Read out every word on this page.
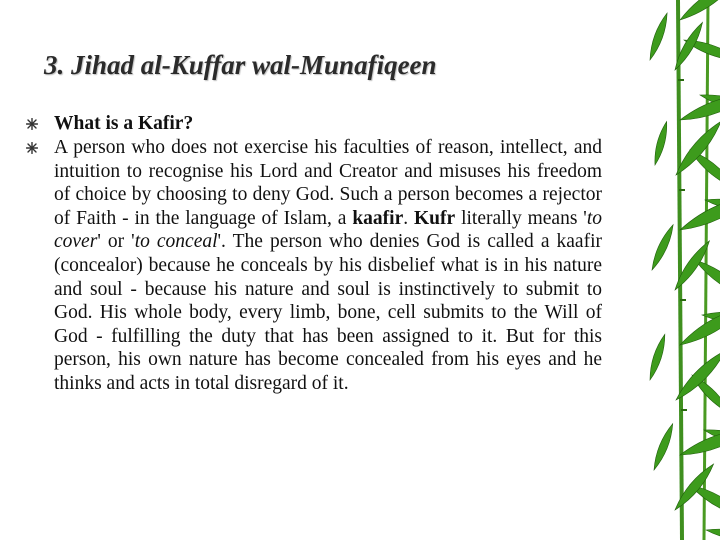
3. Jihad al-Kuffar wal-Munafiqeen
What is a Kafir?

A person who does not exercise his faculties of reason, intellect, and intuition to recognise his Lord and Creator and misuses his freedom of choice by choosing to deny God. Such a person becomes a rejector of Faith - in the language of Islam, a kaafir. Kufr literally means 'to cover' or 'to conceal'. The person who denies God is called a kaafir (concealor) because he conceals by his disbelief what is in his nature and soul - because his nature and soul is instinctively to submit to God. His whole body, every limb, bone, cell submits to the Will of God - fulfilling the duty that has been assigned to it. But for this person, his own nature has become concealed from his eyes and he thinks and acts in total disregard of it.
